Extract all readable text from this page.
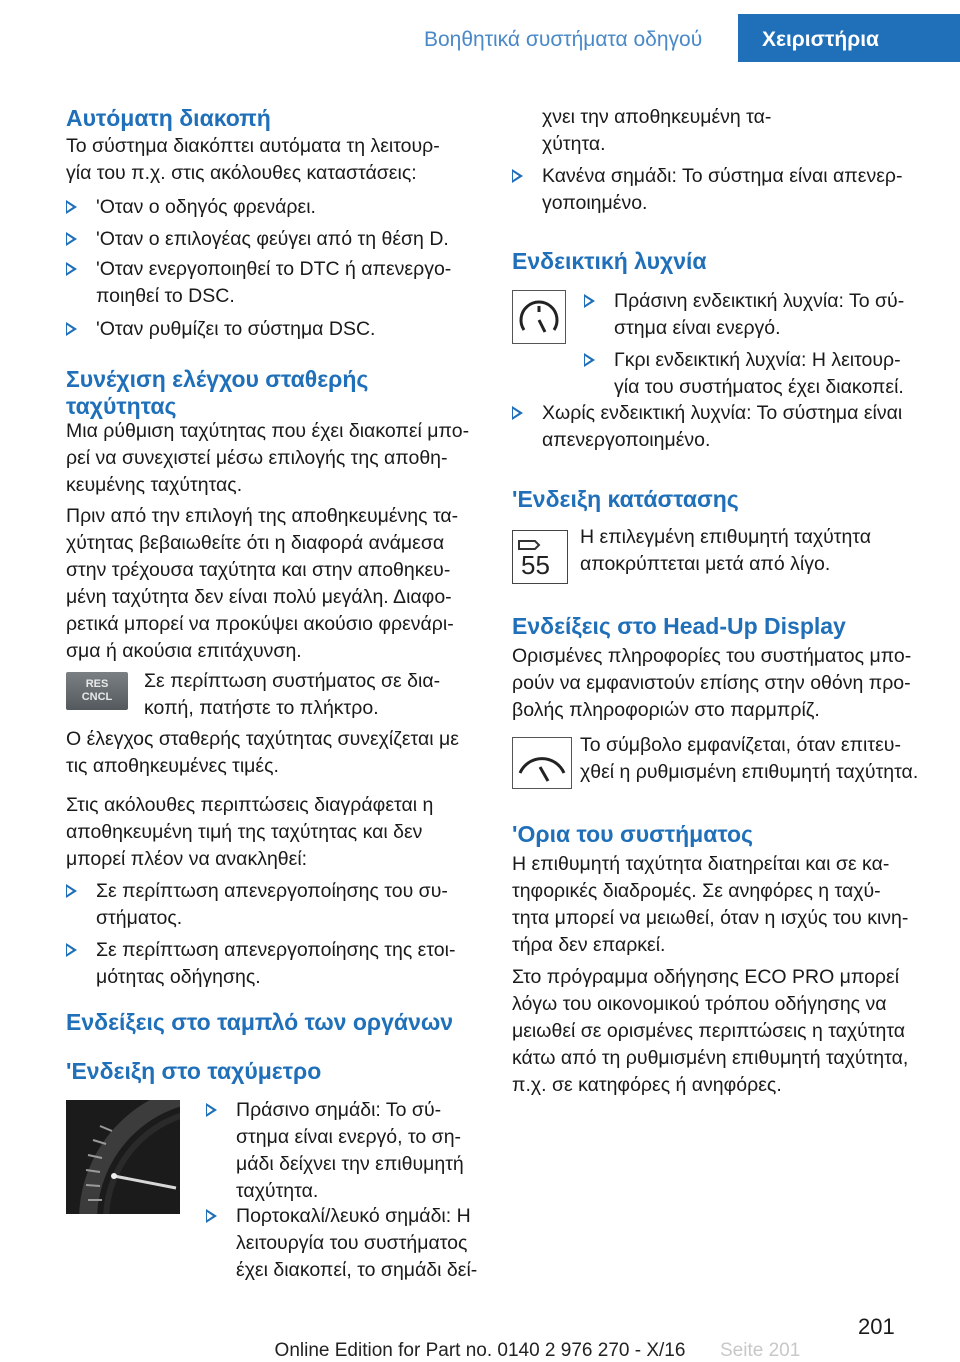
Βοηθητικά συστήματα οδηγού	Χειριστήρια
Αυτόματη διακοπή
Το σύστημα διακόπτει αυτόματα τη λειτουρ-
γία του π.χ. στις ακόλουθες καταστάσεις:
'Οταν ο οδηγός φρενάρει.
'Οταν ο επιλογέας φεύγει από τη θέση D.
'Οταν ενεργοποιηθεί το DTC ή απενεργο-
ποιηθεί το DSC.
'Οταν ρυθμίζει το σύστημα DSC.
Συνέχιση ελέγχου σταθερής
ταχύτητας
Μια ρύθμιση ταχύτητας που έχει διακοπεί μπο-
ρεί να συνεχιστεί μέσω επιλογής της αποθη-
κευμένης ταχύτητας.
Πριν από την επιλογή της αποθηκευμένης τα-
χύτητας βεβαιωθείτε ότι η διαφορά ανάμεσα
στην τρέχουσα ταχύτητα και στην αποθηκευ-
μένη ταχύτητα δεν είναι πολύ μεγάλη. Διαφο-
ρετικά μπορεί να προκύψει ακούσιο φρενάρι-
σμα ή ακούσια επιτάχυνση.
RES
CNCL
Σε περίπτωση συστήματος σε δια-
κοπή, πατήστε το πλήκτρο.
Ο έλεγχος σταθερής ταχύτητας συνεχίζεται με
τις αποθηκευμένες τιμές.
Στις ακόλουθες περιπτώσεις διαγράφεται η
αποθηκευμένη τιμή της ταχύτητας και δεν
μπορεί πλέον να ανακληθεί:
Σε περίπτωση απενεργοποίησης του συ-
στήματος.
Σε περίπτωση απενεργοποίησης της ετοι-
μότητας οδήγησης.
Ενδείξεις στο ταμπλό των οργάνων
'Ενδειξη στο ταχύμετρο
Πράσινο σημάδι: Το σύ-
στημα είναι ενεργό, το ση-
μάδι δείχνει την επιθυμητή
ταχύτητα.
Πορτοκαλί/λευκό σημάδι: Η
λειτουργία του συστήματος
έχει διακοπεί, το σημάδι δεί-
χνει την αποθηκευμένη τα-
χύτητα.
Κανένα σημάδι: Το σύστημα είναι απενερ-
γοποιημένο.
Ενδεικτική λυχνία
Πράσινη ενδεικτική λυχνία: Το σύ-
στημα είναι ενεργό.
Γκρι ενδεικτική λυχνία: Η λειτουρ-
γία του συστήματος έχει διακοπεί.
Χωρίς ενδεικτική λυχνία: Το σύστημα είναι
απενεργοποιημένο.
'Ενδειξη κατάστασης
55
Η επιλεγμένη επιθυμητή ταχύτητα
αποκρύπτεται μετά από λίγο.
Ενδείξεις στο Head-Up Display
Ορισμένες πληροφορίες του συστήματος μπο-
ρούν να εμφανιστούν επίσης στην οθόνη προ-
βολής πληροφοριών στο παρμπρίζ.
Το σύμβολο εμφανίζεται, όταν επιτευ-
χθεί η ρυθμισμένη επιθυμητή ταχύτητα.
'Ορια του συστήματος
Η επιθυμητή ταχύτητα διατηρείται και σε κα-
τηφορικές διαδρομές. Σε ανηφόρες η ταχύ-
τητα μπορεί να μειωθεί, όταν η ισχύς του κινη-
τήρα δεν επαρκεί.
Στο πρόγραμμα οδήγησης ECO PRO μπορεί
λόγω του οικονομικού τρόπου οδήγησης να
μειωθεί σε ορισμένες περιπτώσεις η ταχύτητα
κάτω από τη ρυθμισμένη επιθυμητή ταχύτητα,
π.χ. σε κατηφόρες ή ανηφόρες.
201
Seite 201
Online Edition for Part no. 0140 2 976 270 - X/16
